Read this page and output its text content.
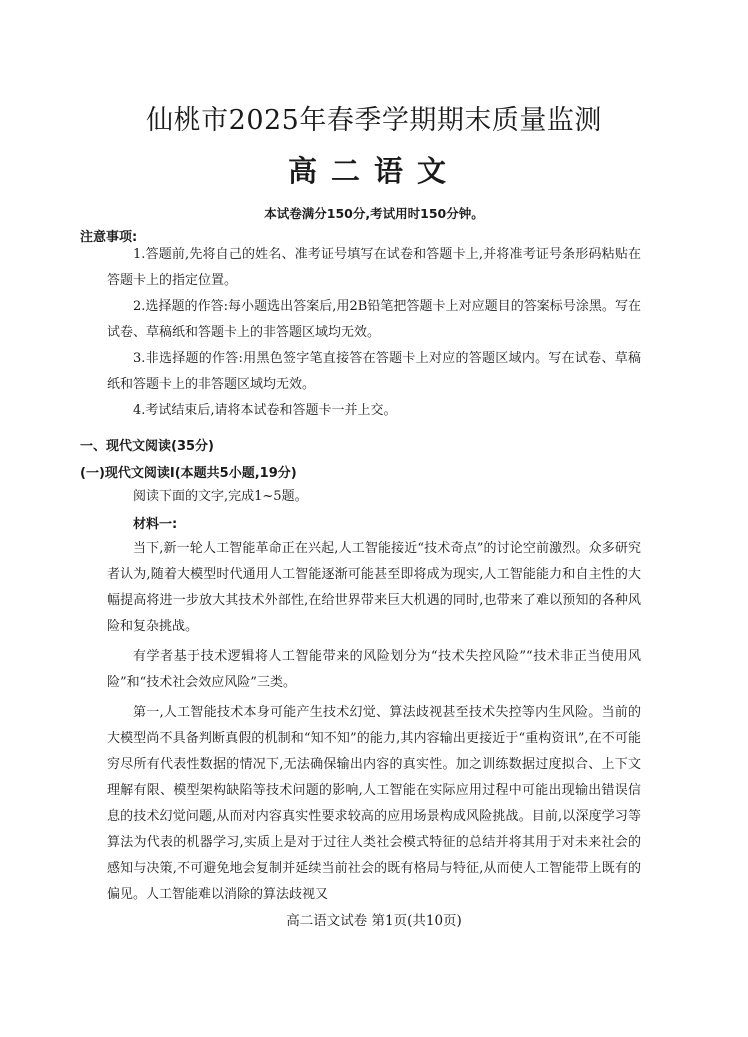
仙桃市2025年春季学期期末质量监测
高二语文
本试卷满分150分,考试用时150分钟。
注意事项:

1.答题前,先将自己的姓名、准考证号填写在试卷和答题卡上,并将准考证号条形码粘贴在答题卡上的指定位置。

2.选择题的作答:每小题选出答案后,用2B铅笔把答题卡上对应题目的答案标号涂黑。写在试卷、草稿纸和答题卡上的非答题区域均无效。

3.非选择题的作答:用黑色签字笔直接答在答题卡上对应的答题区域内。写在试卷、草稿纸和答题卡上的非答题区域均无效。

4.考试结束后,请将本试卷和答题卡一并上交。

一、现代文阅读(35分)
(一)现代文阅读Ⅰ(本题共5小题,19分)

阅读下面的文字,完成1~5题。

材料一:

当下,新一轮人工智能革命正在兴起,人工智能接近“技术奇点”的讨论空前激烈。众多研究者认为,随着大模型时代通用人工智能逐渐可能甚至即将成为现实,人工智能能力和自主性的大幅提高将进一步放大其技术外部性,在给世界带来巨大机遇的同时,也带来了难以预知的各种风险和复杂挑战。

有学者基于技术逻辑将人工智能带来的风险划分为“技术失控风险”“技术非正当使用风险”和“技术社会效应风险”三类。

第一,人工智能技术本身可能产生技术幻觉、算法歧视甚至技术失控等内生风险。当前的大模型尚不具备判断真假的机制和“知不知”的能力,其内容输出更接近于“重构资讯”,在不可能穷尽所有代表性数据的情况下,无法确保输出内容的真实性。加之训练数据过度拟合、上下文理解有限、模型架构缺陷等技术问题的影响,人工智能在实际应用过程中可能出现输出错误信息的技术幻觉问题,从而对内容真实性要求较高的应用场景构成风险挑战。目前,以深度学习等算法为代表的机器学习,实质上是对于过往人类社会模式特征的总结并将其用于对未来社会的感知与决策,不可避免地会复制并延续当前社会的既有格局与特征,从而使人工智能带上既有的偏见。人工智能难以消除的算法歧视又

高二语文试卷 第1页(共10页)
